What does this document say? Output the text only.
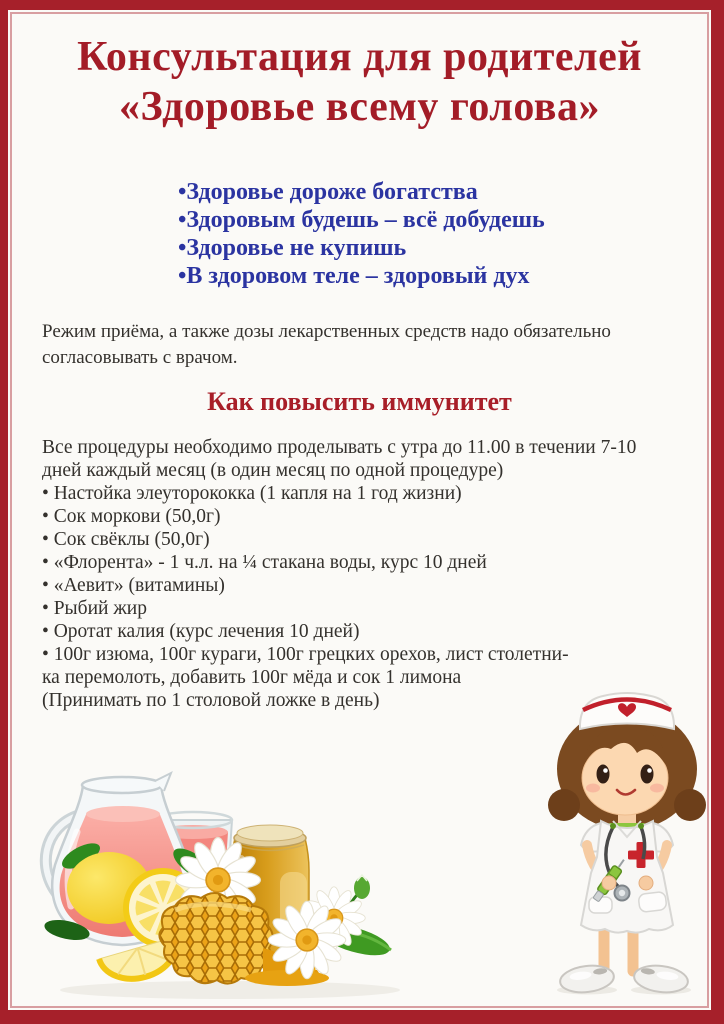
Консультация для родителей
«Здоровье всему голова»
•Здоровье дороже богатства
•Здоровым будешь – всё добудешь
•Здоровье не купишь
•В здоровом теле – здоровый дух
Режим приёма, а также дозы лекарственных средств надо обязательно
согласовывать с врачом.
Как повысить иммунитет
Все процедуры необходимо проделывать с утра до 11.00 в течении 7-10
дней каждый месяц (в один месяц по одной процедуре)
• Настойка элеуторококка (1 капля на 1 год жизни)
• Сок моркови (50,0г)
• Сок свёклы (50,0г)
• «Флорента» - 1 ч.л. на ¼ стакана воды, курс 10 дней
• «Аевит» (витамины)
• Рыбий жир
• Оротат калия (курс лечения 10 дней)
• 100г изюма, 100г кураги, 100г грецких орехов, лист столетни-
ка перемолоть, добавить 100г мёда и сок 1 лимона
(Принимать по 1 столовой ложке в день)
